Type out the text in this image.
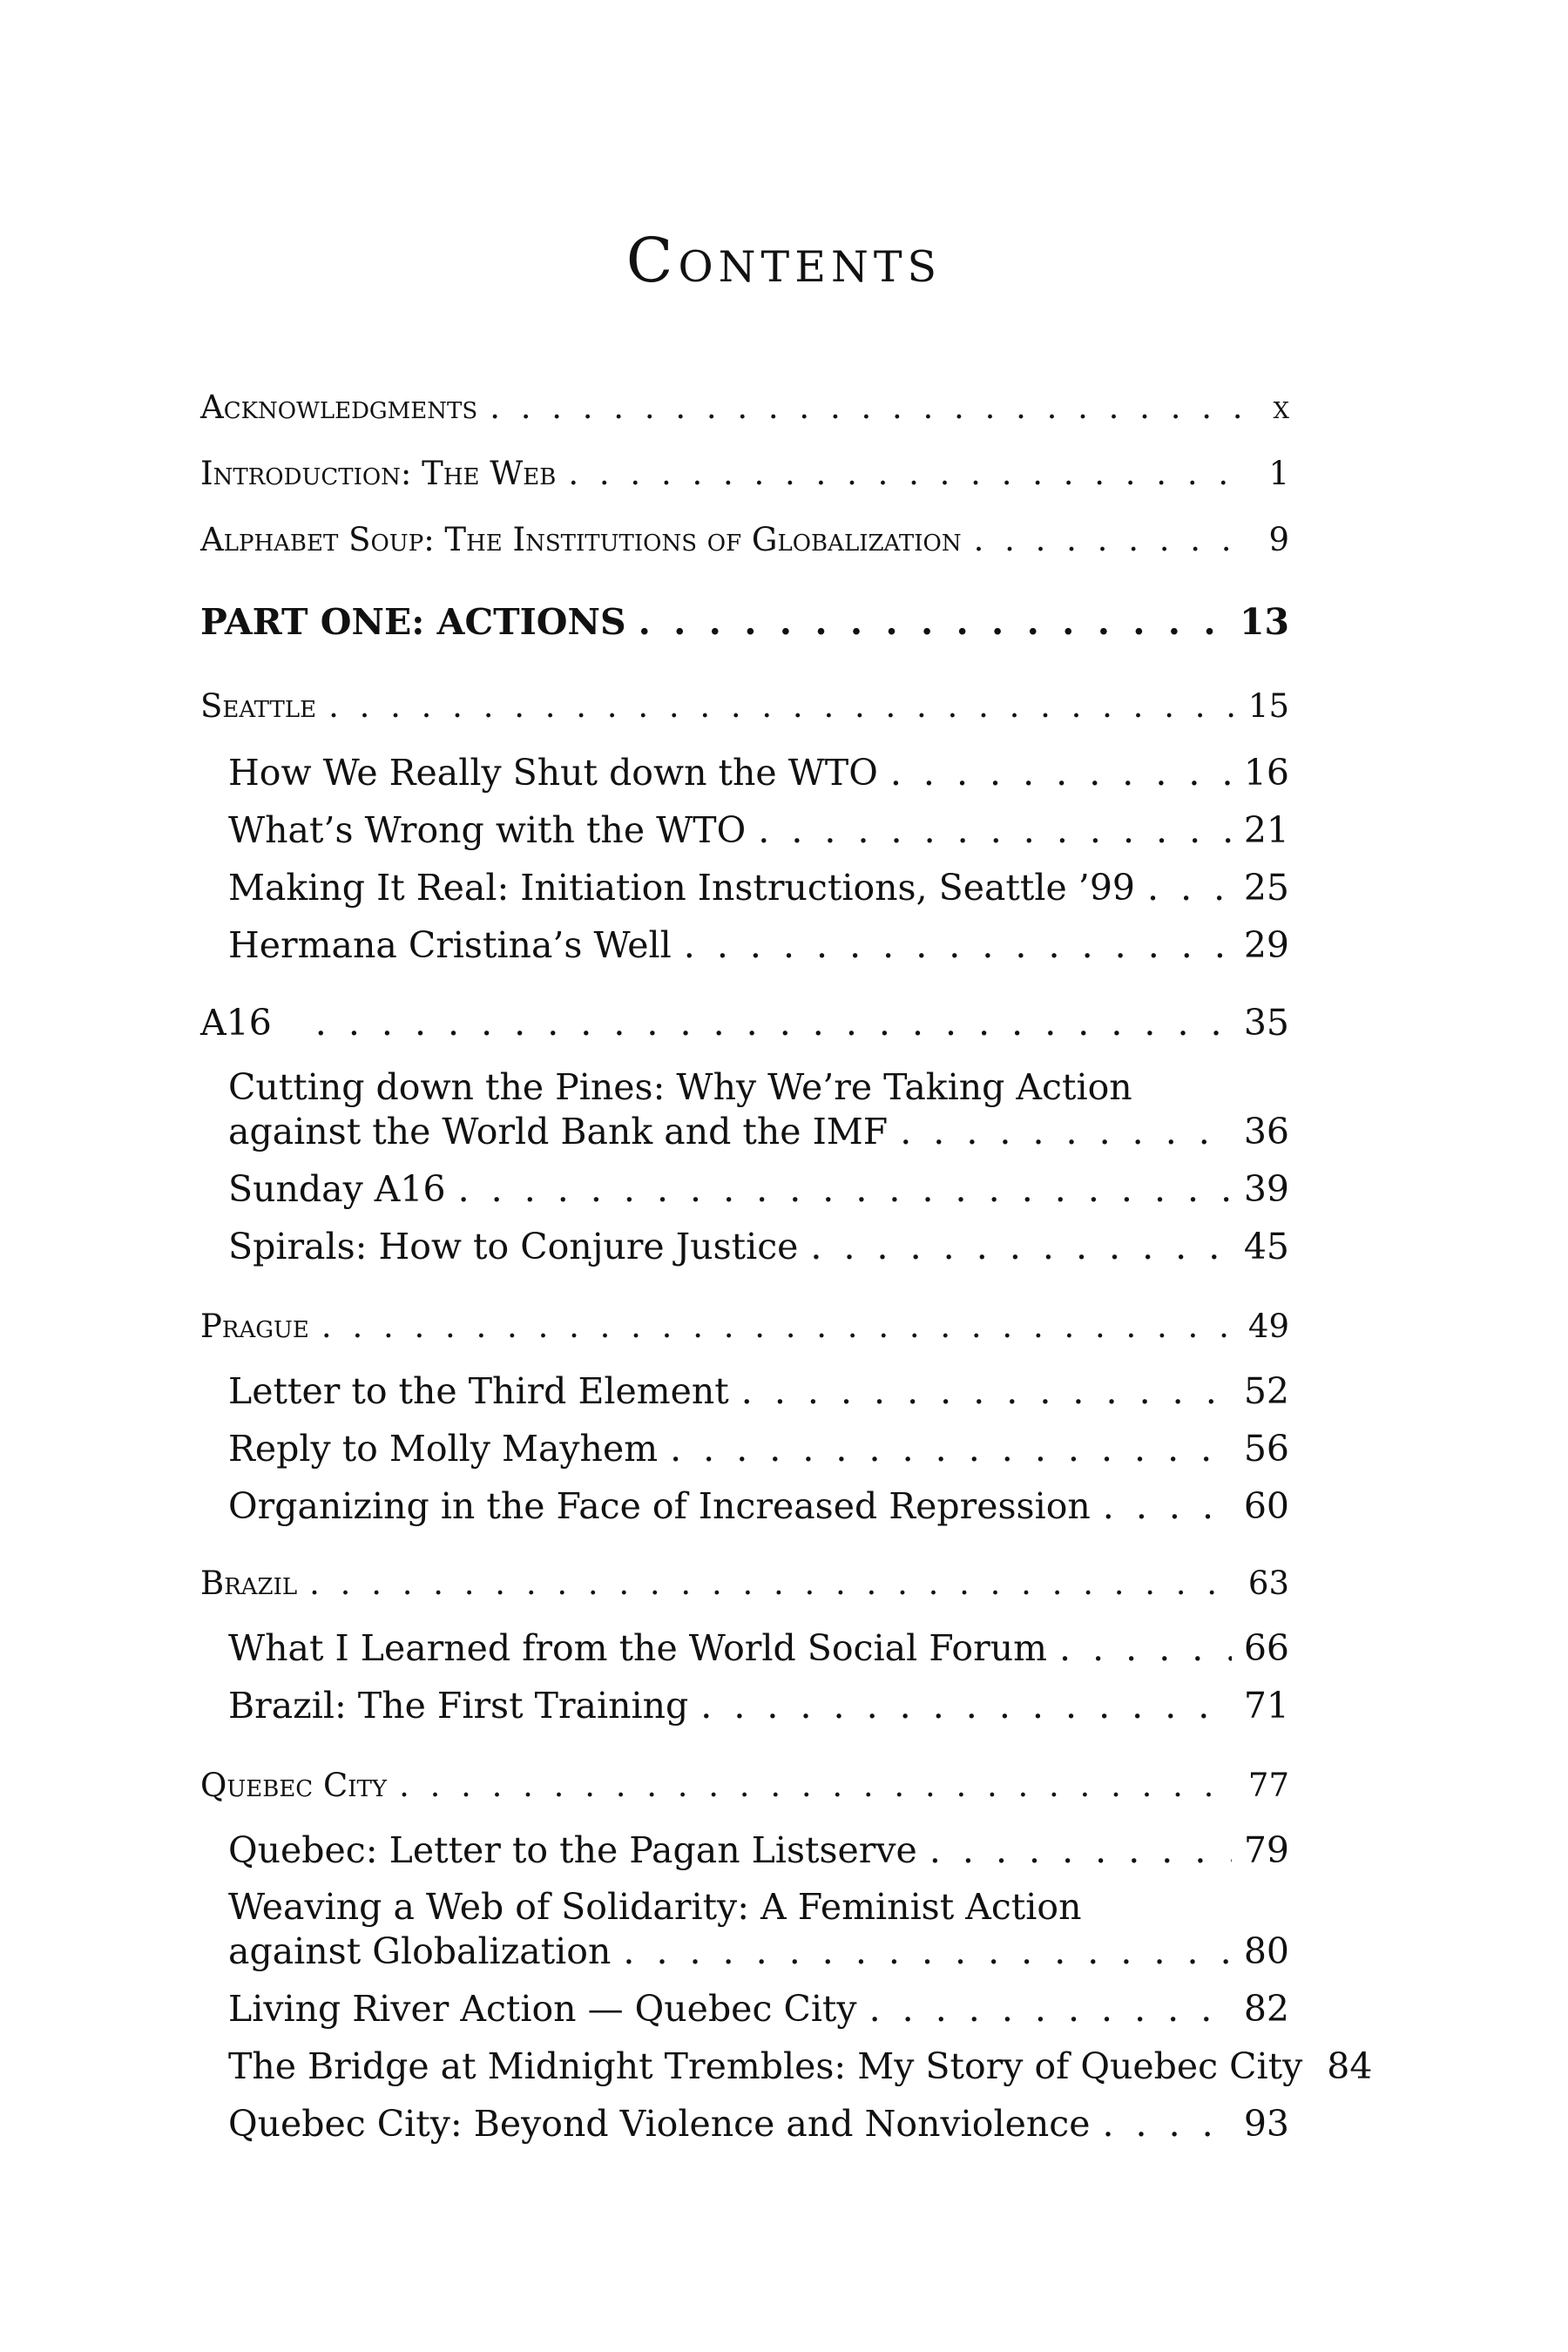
Contents
Acknowledgments . . .	x
Introduction: The Web . . .	1
Alphabet Soup: The Institutions of Globalization . . .	9
PART ONE: ACTIONS . . .	13
Seattle . . .	15
How We Really Shut down the WTO . . .	16
What’s Wrong with the WTO . . .	21
Making It Real: Initiation Instructions, Seattle ’99 . . .	25
Hermana Cristina’s Well . . .	29
A16 . . .	35
Cutting down the Pines: Why We’re Taking Action
against the World Bank and the IMF . . .	36
Sunday A16 . . .	39
Spirals: How to Conjure Justice . . .	45
Prague . . .	49
Letter to the Third Element . . .	52
Reply to Molly Mayhem . . .	56
Organizing in the Face of Increased Repression . . .	60
Brazil . . .	63
What I Learned from the World Social Forum . . .	66
Brazil: The First Training . . .	71
Quebec City . . .	77
Quebec: Letter to the Pagan Listserve . . .	79
Weaving a Web of Solidarity: A Feminist Action
against Globalization . . .	80
Living River Action — Quebec City . . .	82
The Bridge at Midnight Trembles: My Story of Quebec City 84
Quebec City: Beyond Violence and Nonviolence . . .	93
